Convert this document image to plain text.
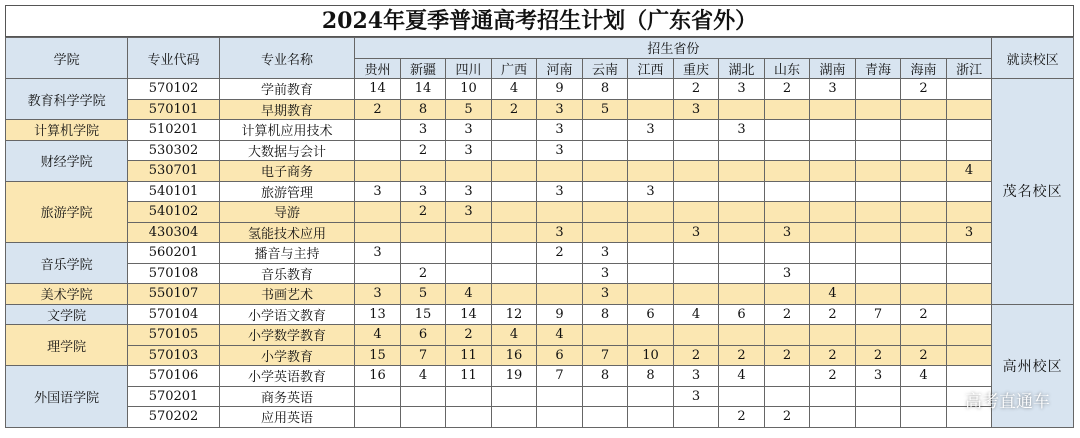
2024年夏季普通高考招生计划（广东省外）
学院	专业代码	专业名称	招生省份														就读校区
			贵州	新疆	四川	广西	河南	云南	江西	重庆	湖北	山东	湖南	青海	海南	浙江	
教育科学学院	570102	学前教育	14	14	10	4	9	8		2	3	2	3		2		茂名校区
	570101	早期教育	2	8	5	2	3	5		3							
计算机学院	510201	计算机应用技术		3	3		3		3		3						
财经学院	530302	大数据与会计		2	3		3										
	530701	电子商务														4	
旅游学院	540101	旅游管理	3	3	3		3		3								
	540102	导游		2	3												
	430304	氢能技术应用					3			3		3				3	
音乐学院	560201	播音与主持	3				2	3									
	570108	音乐教育		2				3				3					
美术学院	550107	书画艺术	3	5	4			3					4				
文学院	570104	小学语文教育	13	15	14	12	9	8	6	4	6	2	2	7	2		高州校区
理学院	570105	小学数学教育	4	6	2	4	4										
	570103	小学教育	15	7	11	16	6	7	10	2	2	2	2	2	2		
外国语学院	570106	小学英语教育	16	4	11	19	7	8	8	3	4		2	3	4		
	570201	商务英语								3							
	570202	应用英语									2	2					
高考直通车
